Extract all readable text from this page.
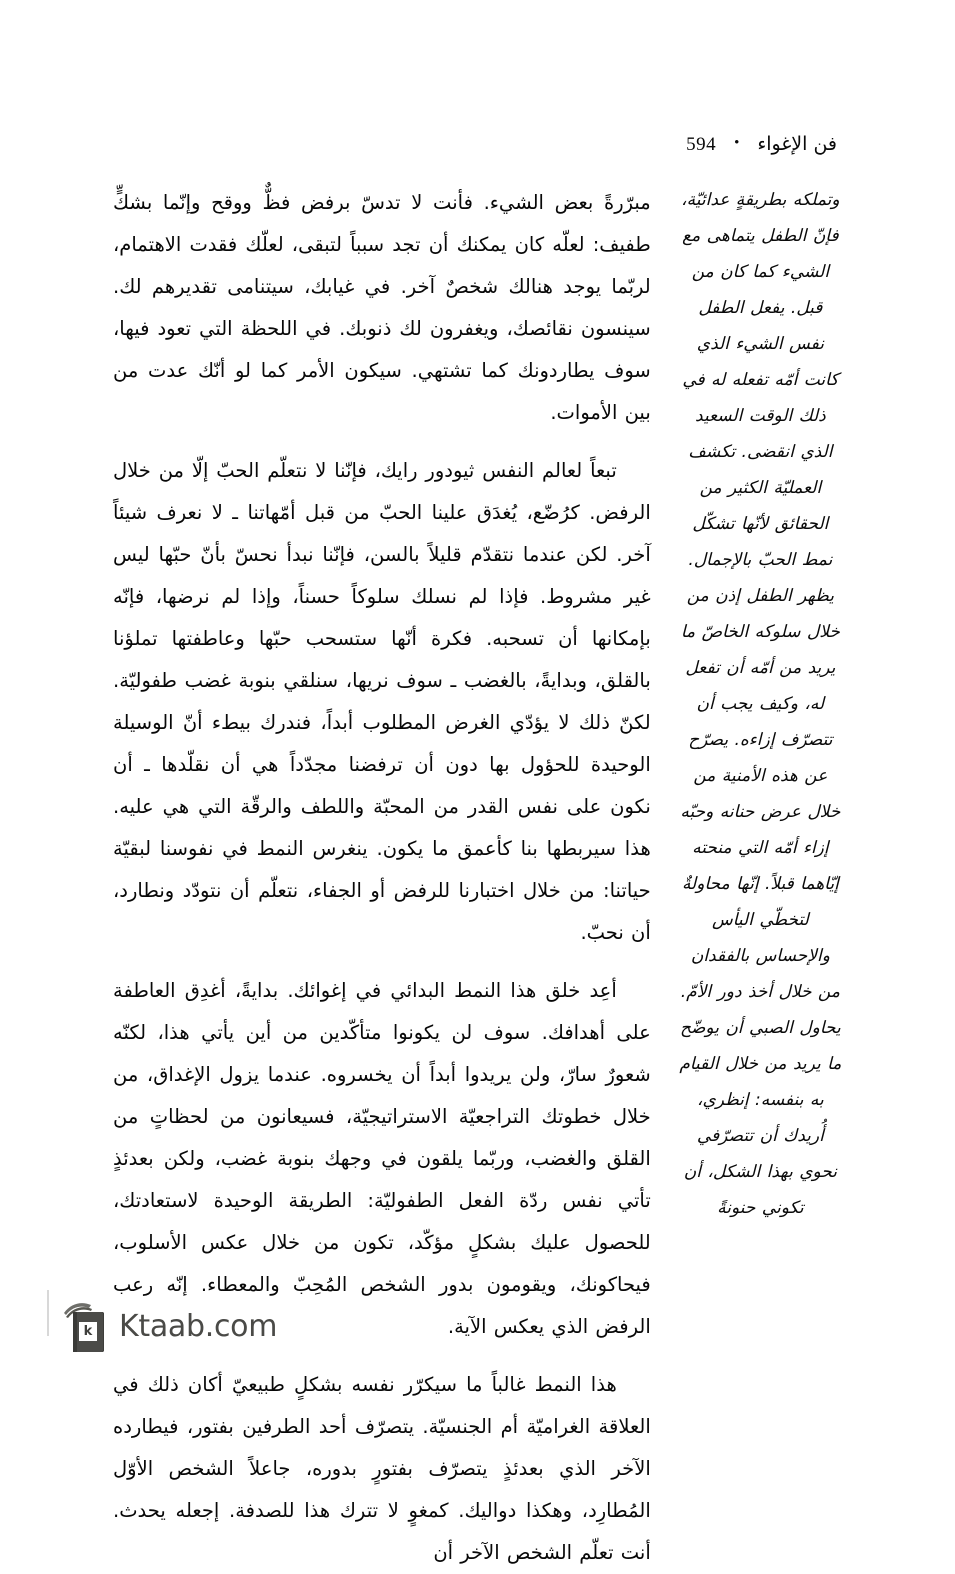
فن الإغواء
•
594

وتملكه بطريقةٍ عدائيّة، فإنّ الطفل يتماهى مع الشيء كما كان من قبل. يفعل الطفل نفس الشيء الذي كانت أمّه تفعله له في ذلك الوقت السعيد الذي انقضى. تكشف العمليّة الكثير من الحقائق لأنّها تشكّل نمط الحبّ بالإجمال. يظهر الطفل إذن من خلال سلوكه الخاصّ ما يريد من أمّه أن تفعل له، وكيف يجب أن تتصرّف إزاءه. يصرّح عن هذه الأمنية من خلال عرض حنانه وحبّه إزاء أمّه التي منحته إيّاهما قبلاً. إنّها محاولةٌ لتخطّي اليأس والإحساس بالفقدان من خلال أخذ دور الأمّ. يحاول الصبي أن يوضّح ما يريد من خلال القيام به بنفسه: إنظري، أُريدك أن تتصرّفي نحوي بهذا الشكل، أن تكوني حنونةً

مبرّرةً بعض الشيء. فأنت لا تدسّ برفض فظٌّ ووقح وإنّما بشكٍّ طفيف: لعلّه كان يمكنك أن تجد سبباً لتبقى، لعلّك فقدت الاهتمام، لربّما يوجد هنالك شخصٌ آخر. في غيابك، سيتنامى تقديرهم لك. سينسون نقائصك، ويغفرون لك ذنوبك. في اللحظة التي تعود فيها، سوف يطاردونك كما تشتهي. سيكون الأمر كما لو أنّك عدت من بين الأموات.

تبعاً لعالم النفس ثيودور رايك، فإنّنا لا نتعلّم الحبّ إلّا من خلال الرفض. كرُضّع، يُغدَق علينا الحبّ من قبل أمّهاتنا ـ لا نعرف شيئاً آخر. لكن عندما نتقدّم قليلاً بالسن، فإنّنا نبدأ نحسّ بأنّ حبّها ليس غير مشروط. فإذا لم نسلك سلوكاً حسناً، وإذا لم نرضها، فإنّه بإمكانها أن تسحبه. فكرة أنّها ستسحب حبّها وعاطفتها تملؤنا بالقلق، وبدايةً، بالغضب ـ سوف نريها، سنلقي بنوبة غضب طفوليّة. لكنّ ذلك لا يؤدّي الغرض المطلوب أبداً، فندرك بيطء أنّ الوسيلة الوحيدة للحؤول بها دون أن ترفضنا مجدّداً هي أن نقلّدها ـ أن نكون على نفس القدر من المحبّة واللطف والرقّة التي هي عليه. هذا سيربطها بنا كأعمق ما يكون. ينغرس النمط في نفوسنا لبقيّة حياتنا: من خلال اختبارنا للرفض أو الجفاء، نتعلّم أن نتودّد ونطارد، أن نحبّ.

أعِد خلق هذا النمط البدائي في إغوائك. بدايةً، أغدِق العاطفة على أهدافك. سوف لن يكونوا متأكّدين من أين يأتي هذا، لكنّه شعورٌ سارّ، ولن يريدوا أبداً أن يخسروه. عندما يزول الإغداق، من خلال خطوتك التراجعيّة الاستراتيجيّة، فسيعانون من لحظاتٍ من القلق والغضب، وربّما يلقون في وجهك بنوبة غضب، ولكن بعدئذٍ تأتي نفس ردّة الفعل الطفوليّة: الطريقة الوحيدة لاستعادتك، للحصول عليك بشكلٍ مؤكّد، تكون من خلال عكس الأسلوب، فيحاكونك، ويقومون بدور الشخص المُحِبّ والمعطاء. إنّه رعب الرفض الذي يعكس الآية.

هذا النمط غالباً ما سيكرّر نفسه بشكلٍ طبيعيّ أكان ذلك في العلاقة الغراميّة أم الجنسيّة. يتصرّف أحد الطرفين بفتور، فيطارده الآخر الذي بعدئذٍ يتصرّف بفتورٍ بدوره، جاعلاً الشخص الأوّل المُطارِد، وهكذا دواليك. كمغوٍ لا تترك هذا للصدفة. إجعله يحدث. أنت تعلّم الشخص الآخر أن

k Ktaab.com
